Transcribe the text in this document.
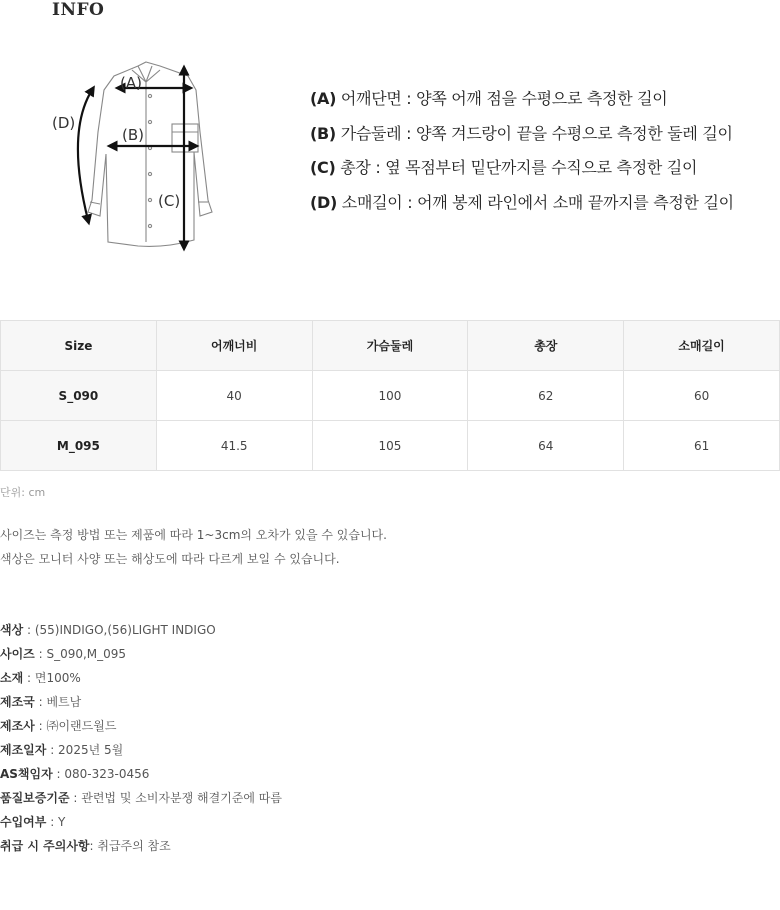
INFO
(A)
(B)
(C)
(D)
(A) 어깨단면 : 양쪽 어깨 점을 수평으로 측정한 길이
(B) 가슴둘레 : 양쪽 겨드랑이 끝을 수평으로 측정한 둘레 길이
(C) 총장 : 옆 목점부터 밑단까지를 수직으로 측정한 길이
(D) 소매길이 : 어깨 봉제 라인에서 소매 끝까지를 측정한 길이
Size	어깨너비	가슴둘레	총장	소매길이
S_090	40	100	62	60
M_095	41.5	105	64	61
단위: cm
사이즈는 측정 방법 또는 제품에 따라 1~3cm의 오차가 있을 수 있습니다.
색상은 모니터 사양 또는 해상도에 따라 다르게 보일 수 있습니다.
색상 : (55)INDIGO,(56)LIGHT INDIGO
사이즈 : S_090,M_095
소재 : 면100%
제조국 : 베트남
제조사 : ㈜이랜드월드
제조일자 : 2025년 5월
AS책임자 : 080-323-0456
품질보증기준 : 관련법 및 소비자분쟁 해결기준에 따름
수입여부 : Y
취급 시 주의사항: 취급주의 참조
